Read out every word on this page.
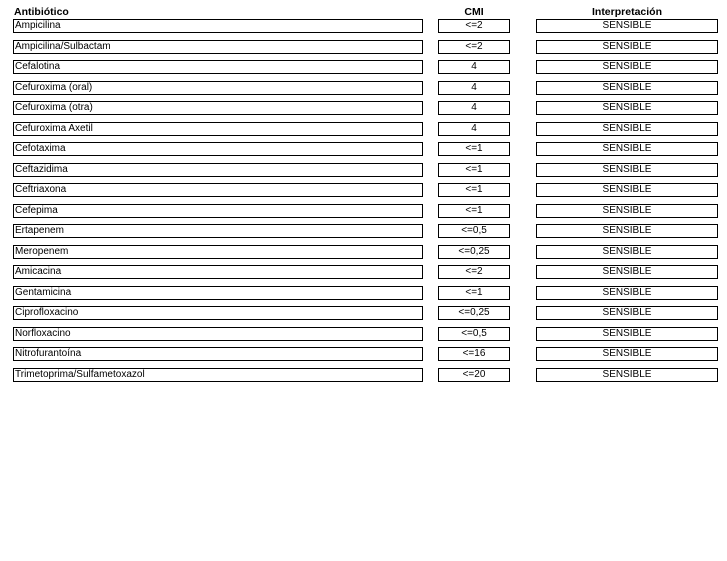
Antibiótico	CMI	Interpretación
Ampicilina	<=2	SENSIBLE
Ampicilina/Sulbactam	<=2	SENSIBLE
Cefalotina	4	SENSIBLE
Cefuroxima (oral)	4	SENSIBLE
Cefuroxima (otra)	4	SENSIBLE
Cefuroxima Axetil	4	SENSIBLE
Cefotaxima	<=1	SENSIBLE
Ceftazidima	<=1	SENSIBLE
Ceftriaxona	<=1	SENSIBLE
Cefepima	<=1	SENSIBLE
Ertapenem	<=0,5	SENSIBLE
Meropenem	<=0,25	SENSIBLE
Amicacina	<=2	SENSIBLE
Gentamicina	<=1	SENSIBLE
Ciprofloxacino	<=0,25	SENSIBLE
Norfloxacino	<=0,5	SENSIBLE
Nitrofurantoína	<=16	SENSIBLE
Trimetoprima/Sulfametoxazol	<=20	SENSIBLE
